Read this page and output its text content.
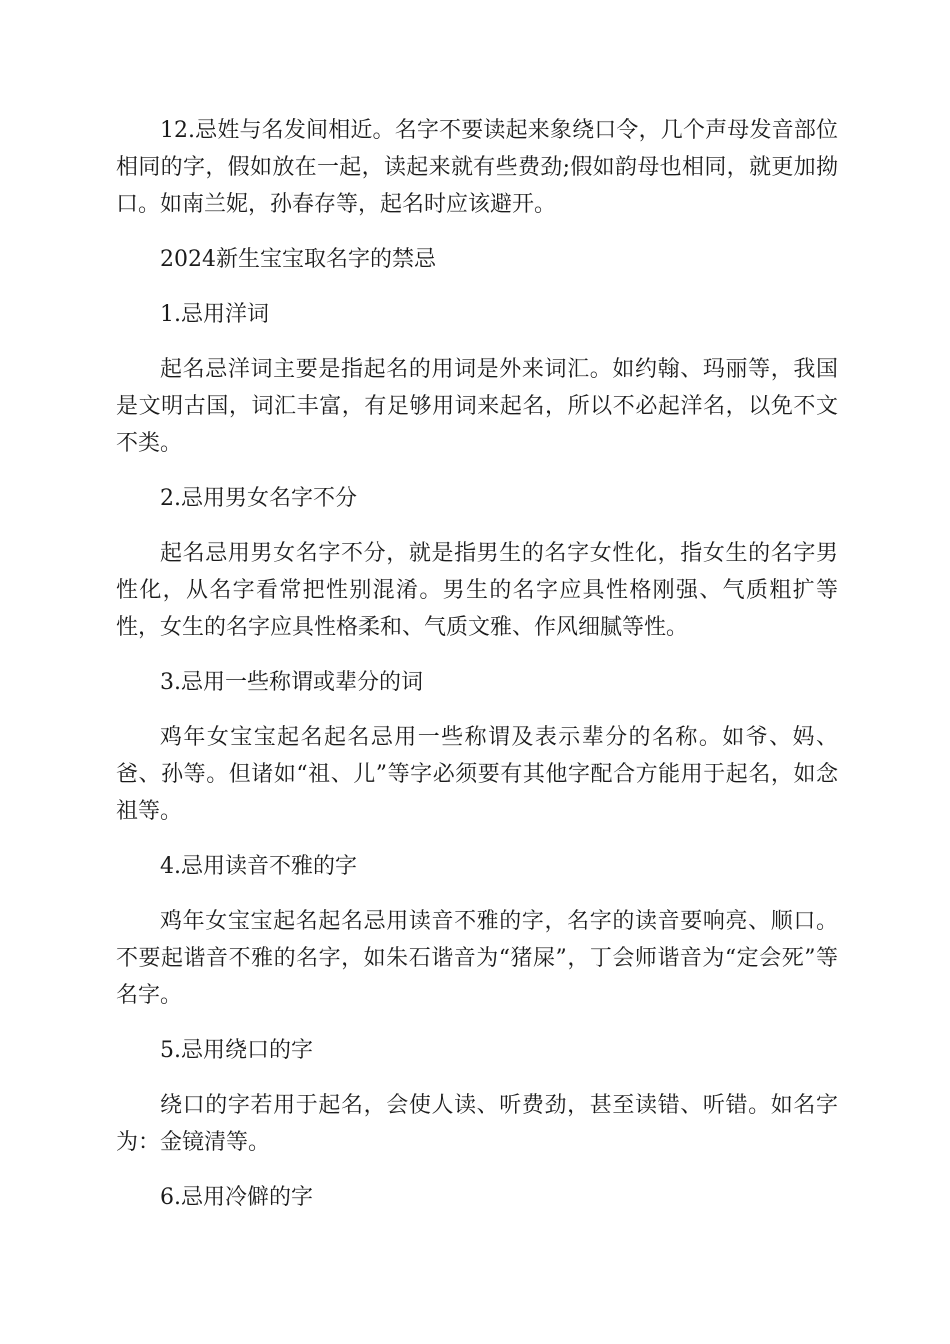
12.忌姓与名发间相近。名字不要读起来象绕口令，几个声母发音部位相同的字，假如放在一起，读起来就有些费劲;假如韵母也相同，就更加拗口。如南兰妮，孙春存等，起名时应该避开。

2024新生宝宝取名字的禁忌

1.忌用洋词

起名忌洋词主要是指起名的用词是外来词汇。如约翰、玛丽等，我国是文明古国，词汇丰富，有足够用词来起名，所以不必起洋名，以免不文不类。

2.忌用男女名字不分

起名忌用男女名字不分，就是指男生的名字女性化，指女生的名字男性化，从名字看常把性别混淆。男生的名字应具性格刚强、气质粗扩等性，女生的名字应具性格柔和、气质文雅、作风细腻等性。

3.忌用一些称谓或辈分的词

鸡年女宝宝起名起名忌用一些称谓及表示辈分的名称。如爷、妈、爸、孙等。但诸如“祖、儿”等字必须要有其他字配合方能用于起名，如念祖等。

4.忌用读音不雅的字

鸡年女宝宝起名起名忌用读音不雅的字，名字的读音要响亮、顺口。不要起谐音不雅的名字，如朱石谐音为“猪屎”，丁会师谐音为“定会死”等名字。

5.忌用绕口的字

绕口的字若用于起名，会使人读、听费劲，甚至读错、听错。如名字为：金镜清等。

6.忌用冷僻的字
